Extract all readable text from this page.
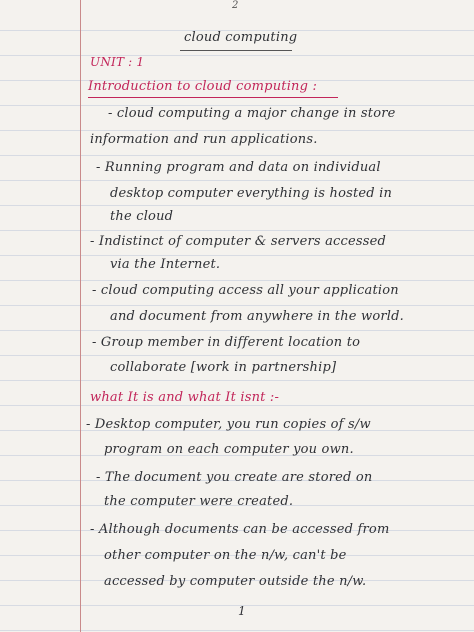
2
cloud computing
UNIT : 1
Introduction to cloud computing :
- cloud computing a major change in store
information and run applications.
- Running program and data on individual
desktop computer everything is hosted in
the cloud
- Indistinct of computer & servers accessed
via the Internet.
- cloud computing access all your application
and document from anywhere in the world.
- Group member in different location to
collaborate [work in partnership]
what It is and what It isnt :-
- Desktop computer, you run copies of s/w
program on each computer you own.
- The document you create are stored on
the computer were created.
- Although documents can be accessed from
other computer on the n/w, can't be
accessed by computer outside the n/w.
1
